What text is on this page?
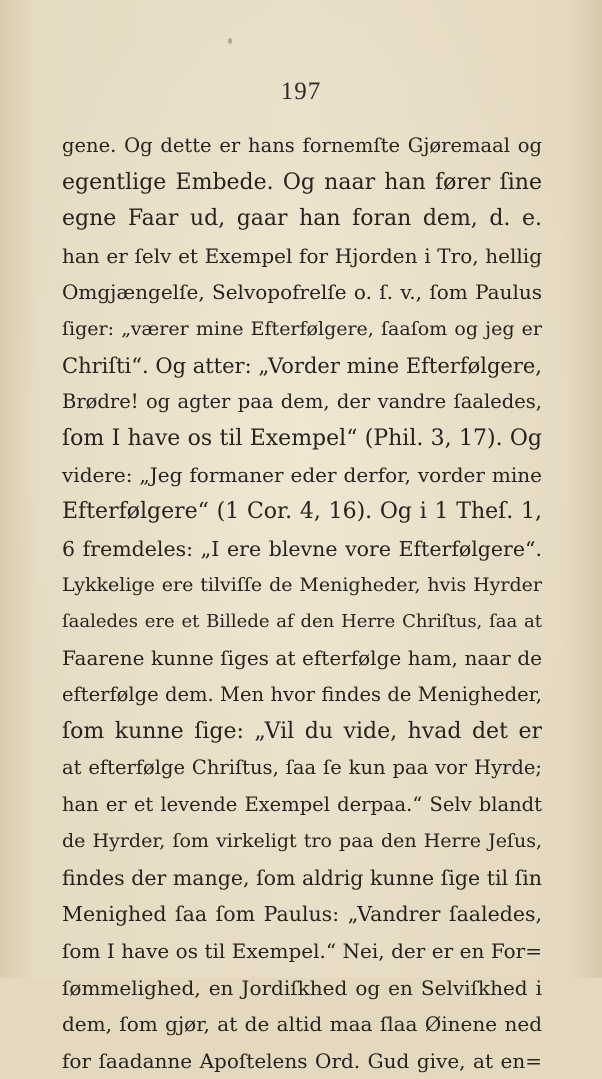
197
gene. Og dette er hans fornemſte Gjøremaal og
egentlige Embede. Og naar han fører ſine
egne Faar ud, gaar han foran dem, d. e.
han er ſelv et Exempel for Hjorden i Tro, hellig
Omgjængelſe, Selvopofrelſe o. ſ. v., ſom Paulus
ſiger: „værer mine Efterfølgere, ſaaſom og jeg er
Chriſti“. Og atter: „Vorder mine Efterfølgere,
Brødre! og agter paa dem, der vandre ſaaledes,
ſom I have os til Exempel“ (Phil. 3, 17). Og
videre: „Jeg formaner eder derfor, vorder mine
Efterfølgere“ (1 Cor. 4, 16). Og i 1 Theſ. 1,
6 fremdeles: „I ere blevne vore Efterfølgere“.
Lykkelige ere tilviſſe de Menigheder, hvis Hyrder
ſaaledes ere et Billede af den Herre Chriſtus, ſaa at
Faarene kunne ſiges at efterfølge ham, naar de
efterfølge dem. Men hvor findes de Menigheder,
ſom kunne ſige: „Vil du vide, hvad det er
at efterfølge Chriſtus, ſaa ſe kun paa vor Hyrde;
han er et levende Exempel derpaa.“ Selv blandt
de Hyrder, ſom virkeligt tro paa den Herre Jeſus,
findes der mange, ſom aldrig kunne ſige til ſin
Menighed ſaa ſom Paulus: „Vandrer ſaaledes,
ſom I have os til Exempel.“ Nei, der er en For=
ſømmelighed, en Jordiſkhed og en Selviſkhed i
dem, ſom gjør, at de altid maa ſlaa Øinene ned
for ſaadanne Apoſtelens Ord. Gud give, at en=
